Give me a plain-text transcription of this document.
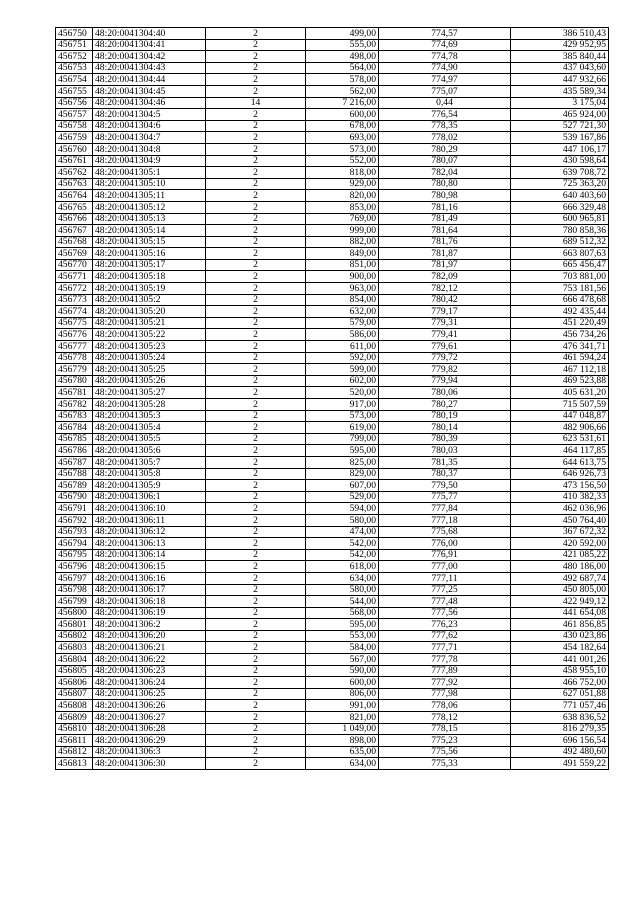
456750	48:20:0041304:40	2	499,00	774,57	386 510,43
456751	48:20:0041304:41	2	555,00	774,69	429 952,95
456752	48:20:0041304:42	2	498,00	774,78	385 840,44
456753	48:20:0041304:43	2	564,00	774,90	437 043,60
456754	48:20:0041304:44	2	578,00	774,97	447 932,66
456755	48:20:0041304:45	2	562,00	775,07	435 589,34
456756	48:20:0041304:46	14	7 216,00	0,44	3 175,04
456757	48:20:0041304:5	2	600,00	776,54	465 924,00
456758	48:20:0041304:6	2	678,00	778,35	527 721,30
456759	48:20:0041304:7	2	693,00	778,02	539 167,86
456760	48:20:0041304:8	2	573,00	780,29	447 106,17
456761	48:20:0041304:9	2	552,00	780,07	430 598,64
456762	48:20:0041305:1	2	818,00	782,04	639 708,72
456763	48:20:0041305:10	2	929,00	780,80	725 363,20
456764	48:20:0041305:11	2	820,00	780,98	640 403,60
456765	48:20:0041305:12	2	853,00	781,16	666 329,48
456766	48:20:0041305:13	2	769,00	781,49	600 965,81
456767	48:20:0041305:14	2	999,00	781,64	780 858,36
456768	48:20:0041305:15	2	882,00	781,76	689 512,32
456769	48:20:0041305:16	2	849,00	781,87	663 807,63
456770	48:20:0041305:17	2	851,00	781,97	665 456,47
456771	48:20:0041305:18	2	900,00	782,09	703 881,00
456772	48:20:0041305:19	2	963,00	782,12	753 181,56
456773	48:20:0041305:2	2	854,00	780,42	666 478,68
456774	48:20:0041305:20	2	632,00	779,17	492 435,44
456775	48:20:0041305:21	2	579,00	779,31	451 220,49
456776	48:20:0041305:22	2	586,00	779,41	456 734,26
456777	48:20:0041305:23	2	611,00	779,61	476 341,71
456778	48:20:0041305:24	2	592,00	779,72	461 594,24
456779	48:20:0041305:25	2	599,00	779,82	467 112,18
456780	48:20:0041305:26	2	602,00	779,94	469 523,88
456781	48:20:0041305:27	2	520,00	780,06	405 631,20
456782	48:20:0041305:28	2	917,00	780,27	715 507,59
456783	48:20:0041305:3	2	573,00	780,19	447 048,87
456784	48:20:0041305:4	2	619,00	780,14	482 906,66
456785	48:20:0041305:5	2	799,00	780,39	623 531,61
456786	48:20:0041305:6	2	595,00	780,03	464 117,85
456787	48:20:0041305:7	2	825,00	781,35	644 613,75
456788	48:20:0041305:8	2	829,00	780,37	646 926,73
456789	48:20:0041305:9	2	607,00	779,50	473 156,50
456790	48:20:0041306:1	2	529,00	775,77	410 382,33
456791	48:20:0041306:10	2	594,00	777,84	462 036,96
456792	48:20:0041306:11	2	580,00	777,18	450 764,40
456793	48:20:0041306:12	2	474,00	775,68	367 672,32
456794	48:20:0041306:13	2	542,00	776,00	420 592,00
456795	48:20:0041306:14	2	542,00	776,91	421 085,22
456796	48:20:0041306:15	2	618,00	777,00	480 186,00
456797	48:20:0041306:16	2	634,00	777,11	492 687,74
456798	48:20:0041306:17	2	580,00	777,25	450 805,00
456799	48:20:0041306:18	2	544,00	777,48	422 949,12
456800	48:20:0041306:19	2	568,00	777,56	441 654,08
456801	48:20:0041306:2	2	595,00	776,23	461 856,85
456802	48:20:0041306:20	2	553,00	777,62	430 023,86
456803	48:20:0041306:21	2	584,00	777,71	454 182,64
456804	48:20:0041306:22	2	567,00	777,78	441 001,26
456805	48:20:0041306:23	2	590,00	777,89	458 955,10
456806	48:20:0041306:24	2	600,00	777,92	466 752,00
456807	48:20:0041306:25	2	806,00	777,98	627 051,88
456808	48:20:0041306:26	2	991,00	778,06	771 057,46
456809	48:20:0041306:27	2	821,00	778,12	638 836,52
456810	48:20:0041306:28	2	1 049,00	778,15	816 279,35
456811	48:20:0041306:29	2	898,00	775,23	696 156,54
456812	48:20:0041306:3	2	635,00	775,56	492 480,60
456813	48:20:0041306:30	2	634,00	775,33	491 559,22
